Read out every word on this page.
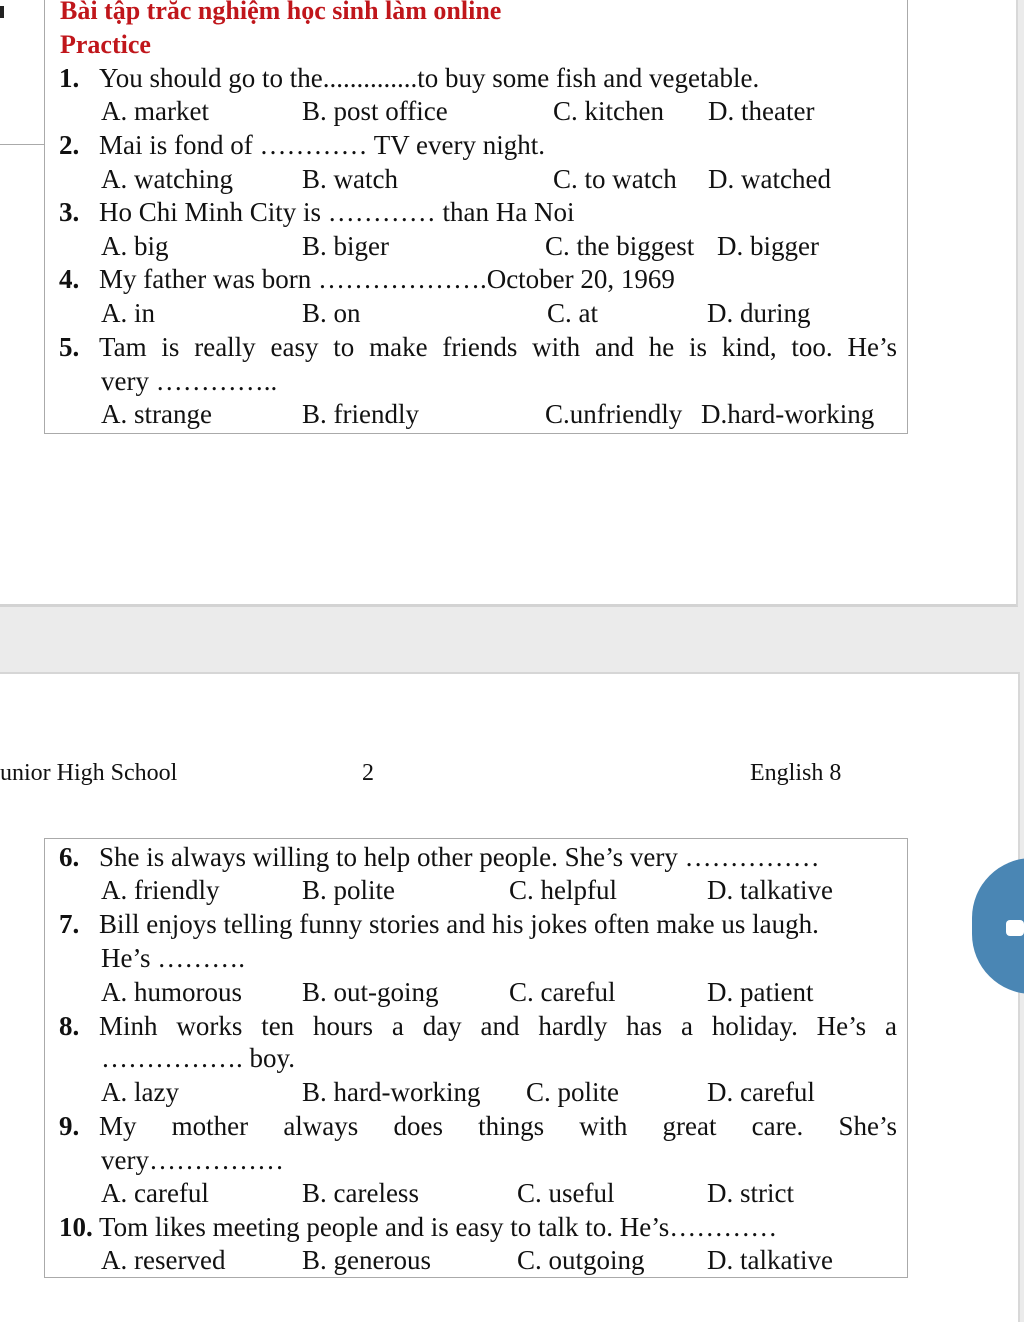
Bài tập trăc nghiệm học sinh làm online
Practice
1. You should go to the..............to buy some fish and vegetable.
A. market	B. post office	C. kitchen D. theater
2. Mai is fond of ………… TV every night.
A. watching	B. watch	C. to watch D. watched
3. Ho Chi Minh City is ………… than Ha Noi
A. big	B. biger	C. the biggest D. bigger
4. My father was born ……………….October 20, 1969
A. in	B. on	C. at	D. during
5. Tam is really easy to make friends with and he is kind, too. He’s
very …………..
A. strange	B. friendly	C.unfriendly D.hard-working
unior High School	2	English 8
6. She is always willing to help other people. She’s very ……………
A. friendly	B. polite	C. helpful	D. talkative
7. Bill enjoys telling funny stories and his jokes often make us laugh.
He’s ……….
A. humorous B. out-going	C. careful	D. patient
8. Minh works ten hours a day and hardly has a holiday. He’s a
……………. boy.
A. lazy	B. hard-working C. polite	D. careful
9. My mother always does things with great care. She’s
very……………
A. careful	B. careless	C. useful	D. strict
10. Tom likes meeting people and is easy to talk to. He’s…………
A. reserved	B. generous	C. outgoing D. talkative
